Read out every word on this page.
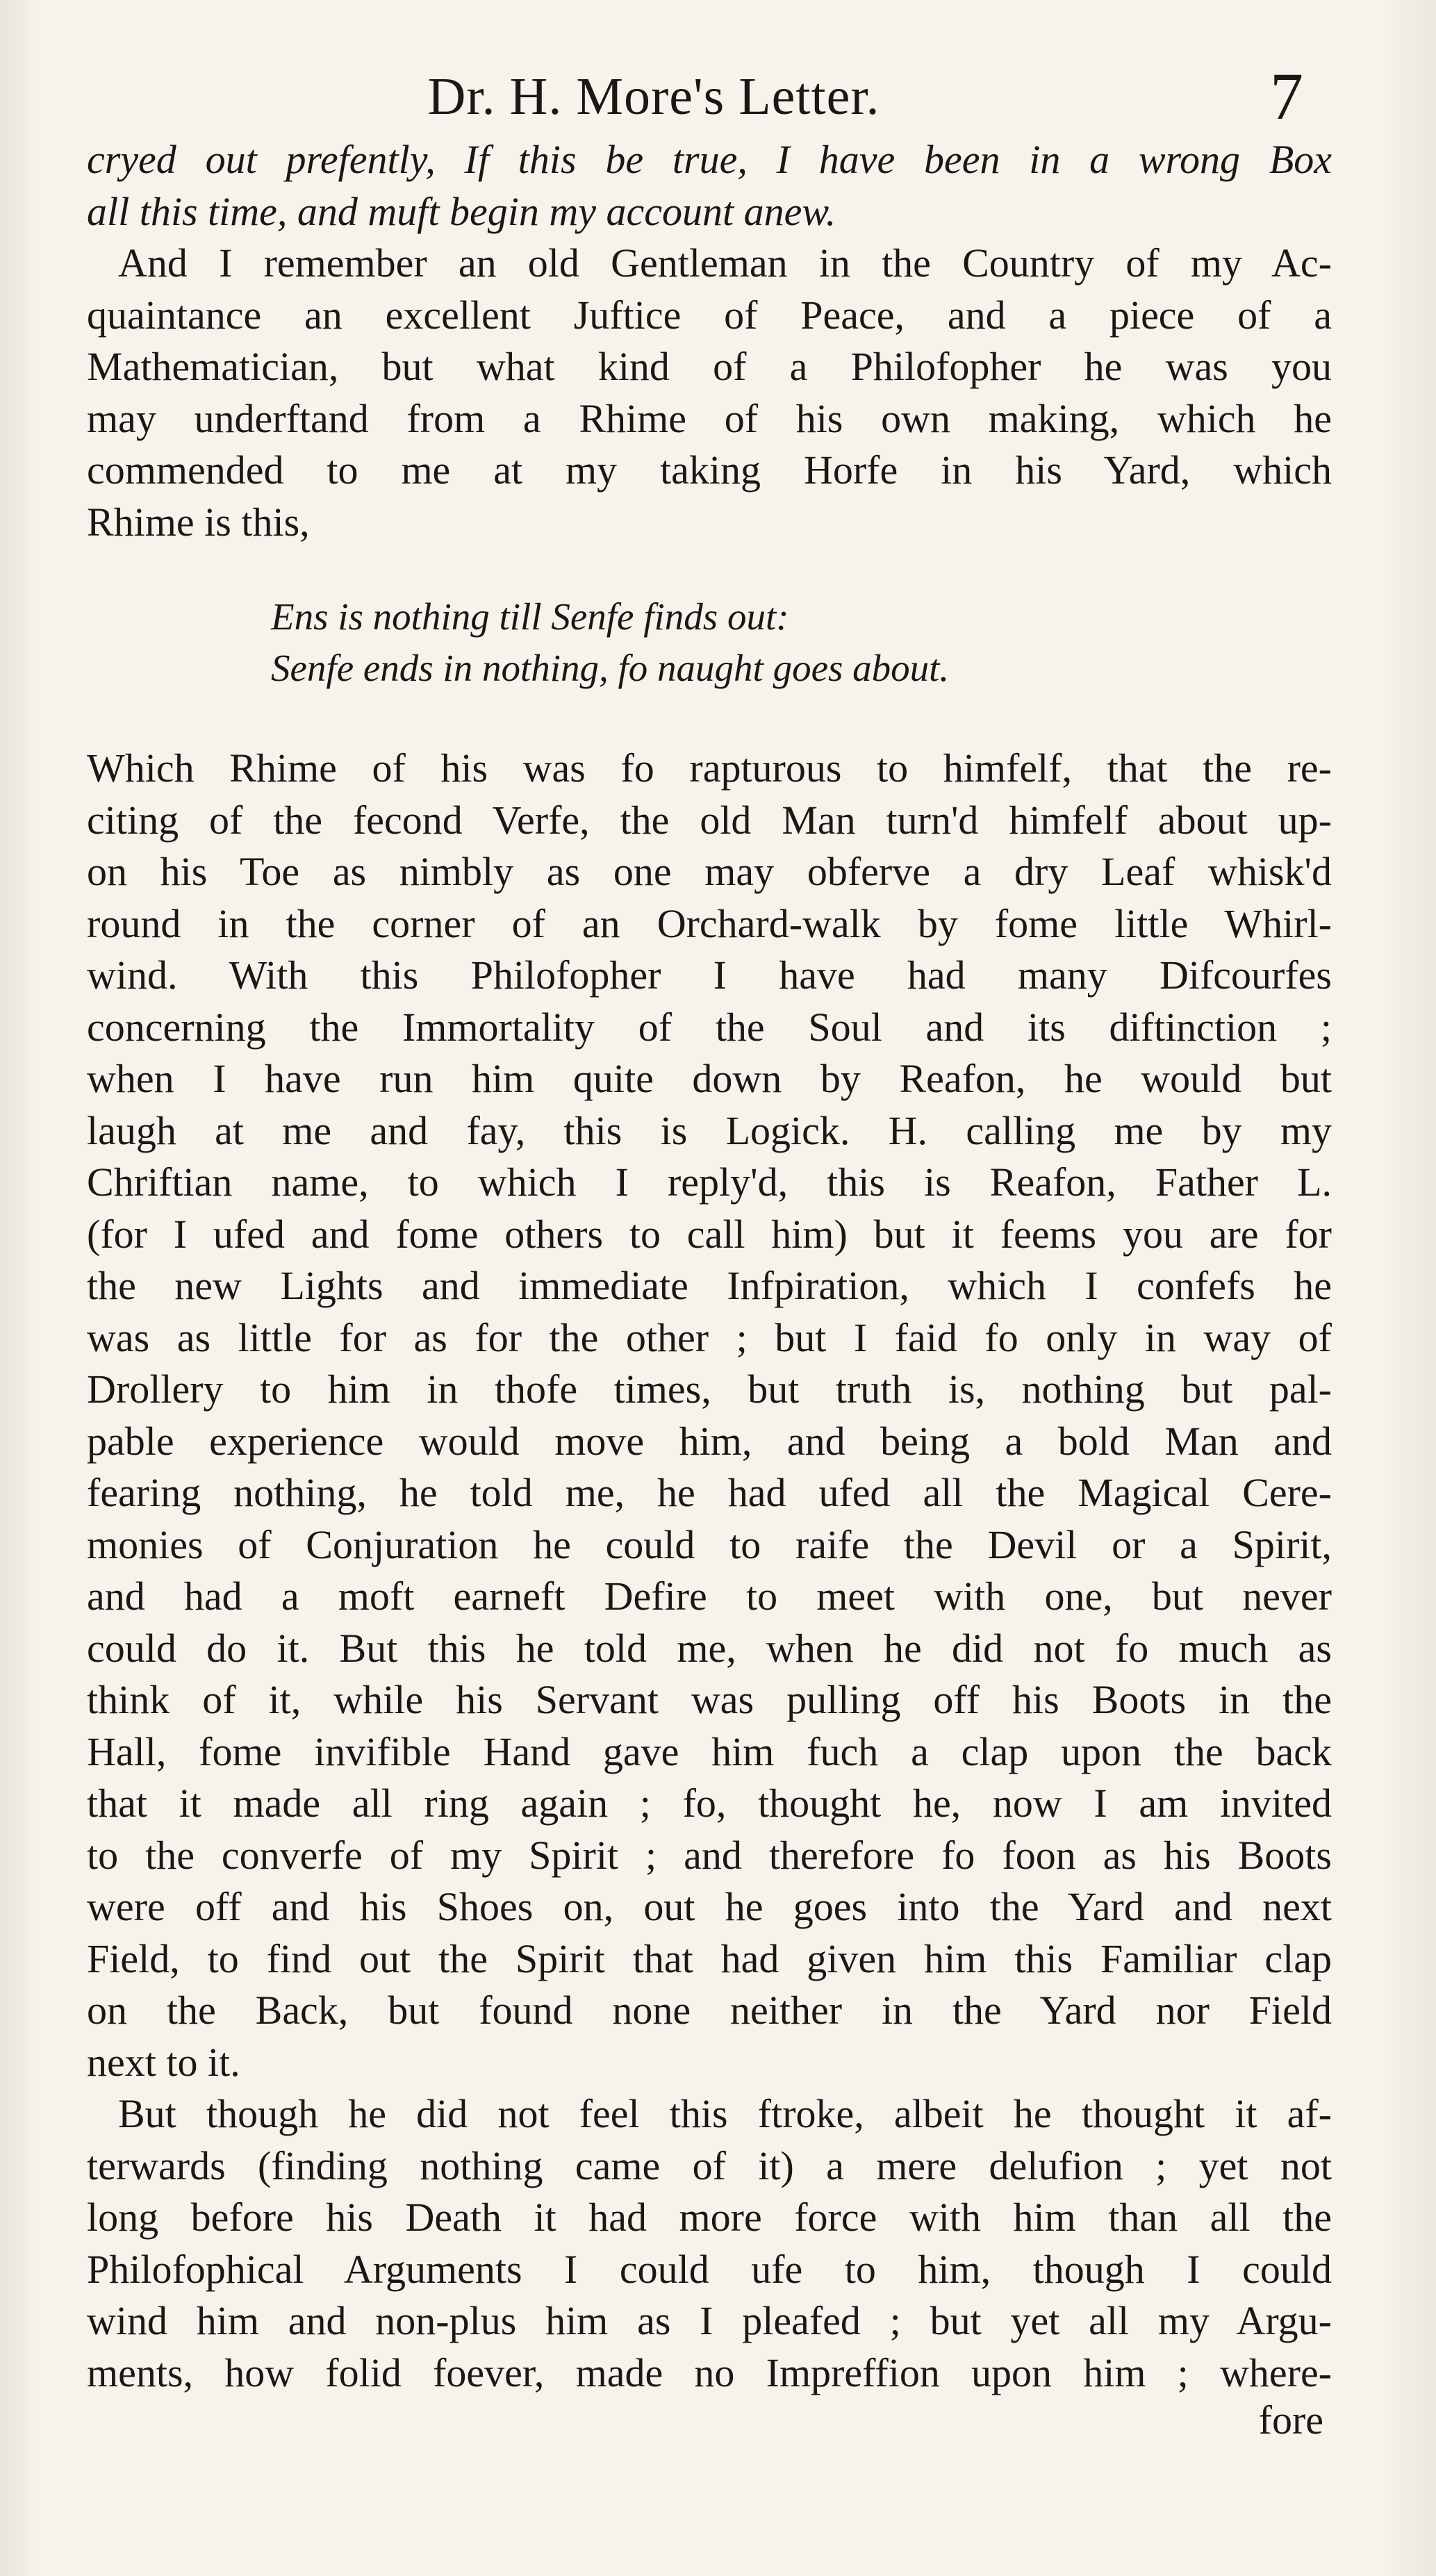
Dr. H. More's Letter.	7
cryed out prefently, If this be true, I have been in a wrong Box
all this time, and muft begin my account anew.
And I remember an old Gentleman in the Country of my Ac-
quaintance an excellent Juftice of Peace, and a piece of a
Mathematician, but what kind of a Philofopher he was you
may underftand from a Rhime of his own making, which he
commended to me at my taking Horfe in his Yard, which
Rhime is this,
Ens is nothing till Senfe finds out:
Senfe ends in nothing, fo naught goes about.
Which Rhime of his was fo rapturous to himfelf, that the re-
citing of the fecond Verfe, the old Man turn'd himfelf about up-
on his Toe as nimbly as one may obferve a dry Leaf whisk'd
round in the corner of an Orchard-walk by fome little Whirl-
wind. With this Philofopher I have had many Difcourfes
concerning the Immortality of the Soul and its diftinction ;
when I have run him quite down by Reafon, he would but
laugh at me and fay, this is Logick. H. calling me by my
Chriftian name, to which I reply'd, this is Reafon, Father L.
(for I ufed and fome others to call him) but it feems you are for
the new Lights and immediate Infpiration, which I confefs he
was as little for as for the other ; but I faid fo only in way of
Drollery to him in thofe times, but truth is, nothing but pal-
pable experience would move him, and being a bold Man and
fearing nothing, he told me, he had ufed all the Magical Cere-
monies of Conjuration he could to raife the Devil or a Spirit,
and had a moft earneft Defire to meet with one, but never
could do it. But this he told me, when he did not fo much as
think of it, while his Servant was pulling off his Boots in the
Hall, fome invifible Hand gave him fuch a clap upon the back
that it made all ring again ; fo, thought he, now I am invited
to the converfe of my Spirit ; and therefore fo foon as his Boots
were off and his Shoes on, out he goes into the Yard and next
Field, to find out the Spirit that had given him this Familiar clap
on the Back, but found none neither in the Yard nor Field
next to it.
But though he did not feel this ftroke, albeit he thought it af-
terwards (finding nothing came of it) a mere delufion ; yet not
long before his Death it had more force with him than all the
Philofophical Arguments I could ufe to him, though I could
wind him and non-plus him as I pleafed ; but yet all my Argu-
ments, how folid foever, made no Impreffion upon him ; where-
fore
